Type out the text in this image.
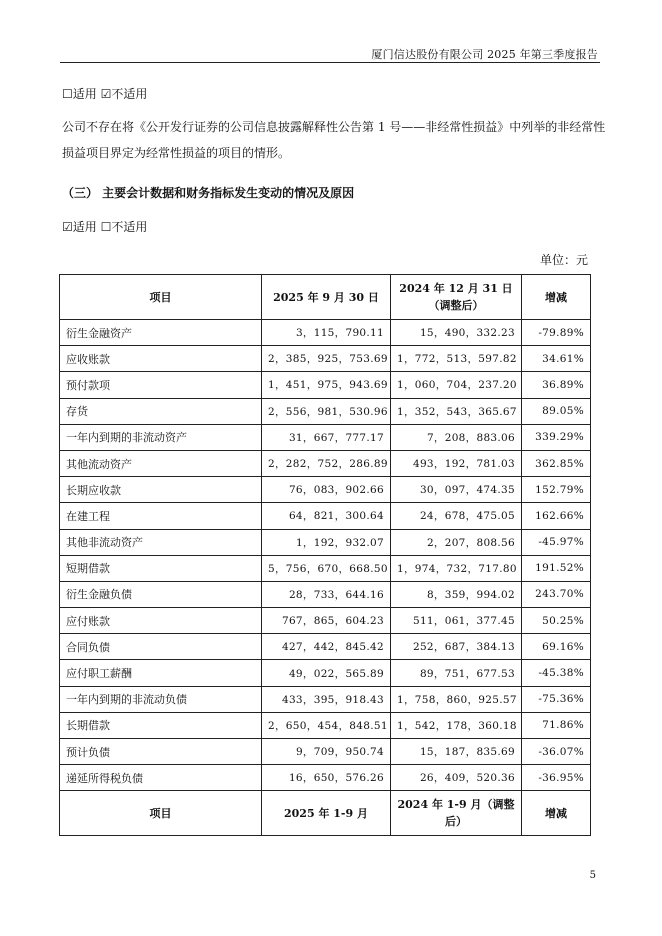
厦门信达股份有限公司 2025 年第三季度报告
☐适用 ☑不适用
公司不存在将《公开发行证券的公司信息披露解释性公告第 1 号——非经常性损益》中列举的非经常性
损益项目界定为经常性损益的项目的情形。
（三） 主要会计数据和财务指标发生变动的情况及原因
☑适用 ☐不适用
单位：元
项目	2025 年 9 月 30 日	2024 年 12 月 31 日（调整后）	增减
衍生金融资产	3，115，790.11	15，490，332.23	-79.89%
应收账款	2，385，925，753.69	1，772，513，597.82	34.61%
预付款项	1，451，975，943.69	1，060，704，237.20	36.89%
存货	2，556，981，530.96	1，352，543，365.67	89.05%
一年内到期的非流动资产	31，667，777.17	7，208，883.06	339.29%
其他流动资产	2，282，752，286.89	493，192，781.03	362.85%
长期应收款	76，083，902.66	30，097，474.35	152.79%
在建工程	64，821，300.64	24，678，475.05	162.66%
其他非流动资产	1，192，932.07	2，207，808.56	-45.97%
短期借款	5，756，670，668.50	1，974，732，717.80	191.52%
衍生金融负债	28，733，644.16	8，359，994.02	243.70%
应付账款	767，865，604.23	511，061，377.45	50.25%
合同负债	427，442，845.42	252，687，384.13	69.16%
应付职工薪酬	49，022，565.89	89，751，677.53	-45.38%
一年内到期的非流动负债	433，395，918.43	1，758，860，925.57	-75.36%
长期借款	2，650，454，848.51	1，542，178，360.18	71.86%
预计负债	9，709，950.74	15，187，835.69	-36.07%
递延所得税负债	16，650，576.26	26，409，520.36	-36.95%
项目	2025 年 1-9 月	2024 年 1-9 月（调整后）	增减
5
